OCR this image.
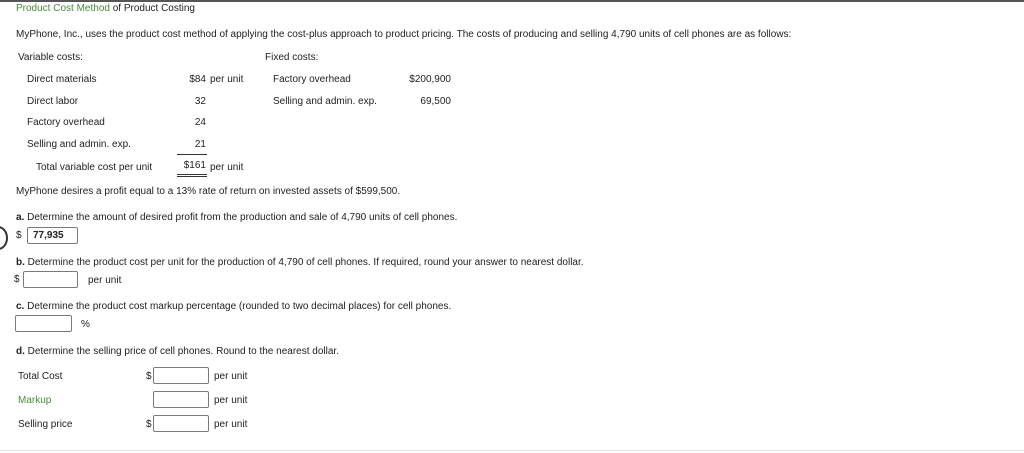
Product Cost Method of Product Costing
MyPhone, Inc., uses the product cost method of applying the cost-plus approach to product pricing. The costs of producing and selling 4,790 units of cell phones are as follows:
Variable costs:
Direct materials	$84 per unit
Direct labor	32
Factory overhead	24
Selling and admin. exp.	21
Total variable cost per unit	$161 per unit
Fixed costs:
Factory overhead	$200,900
Selling and admin. exp.	69,500
MyPhone desires a profit equal to a 13% rate of return on invested assets of $599,500.
a. Determine the amount of desired profit from the production and sale of 4,790 units of cell phones.
$	77,935
b. Determine the product cost per unit for the production of 4,790 of cell phones. If required, round your answer to nearest dollar.
$	per unit
c. Determine the product cost markup percentage (rounded to two decimal places) for cell phones.
%
d. Determine the selling price of cell phones. Round to the nearest dollar.
Total Cost	$	per unit
Markup	per unit
Selling price	$	per unit
